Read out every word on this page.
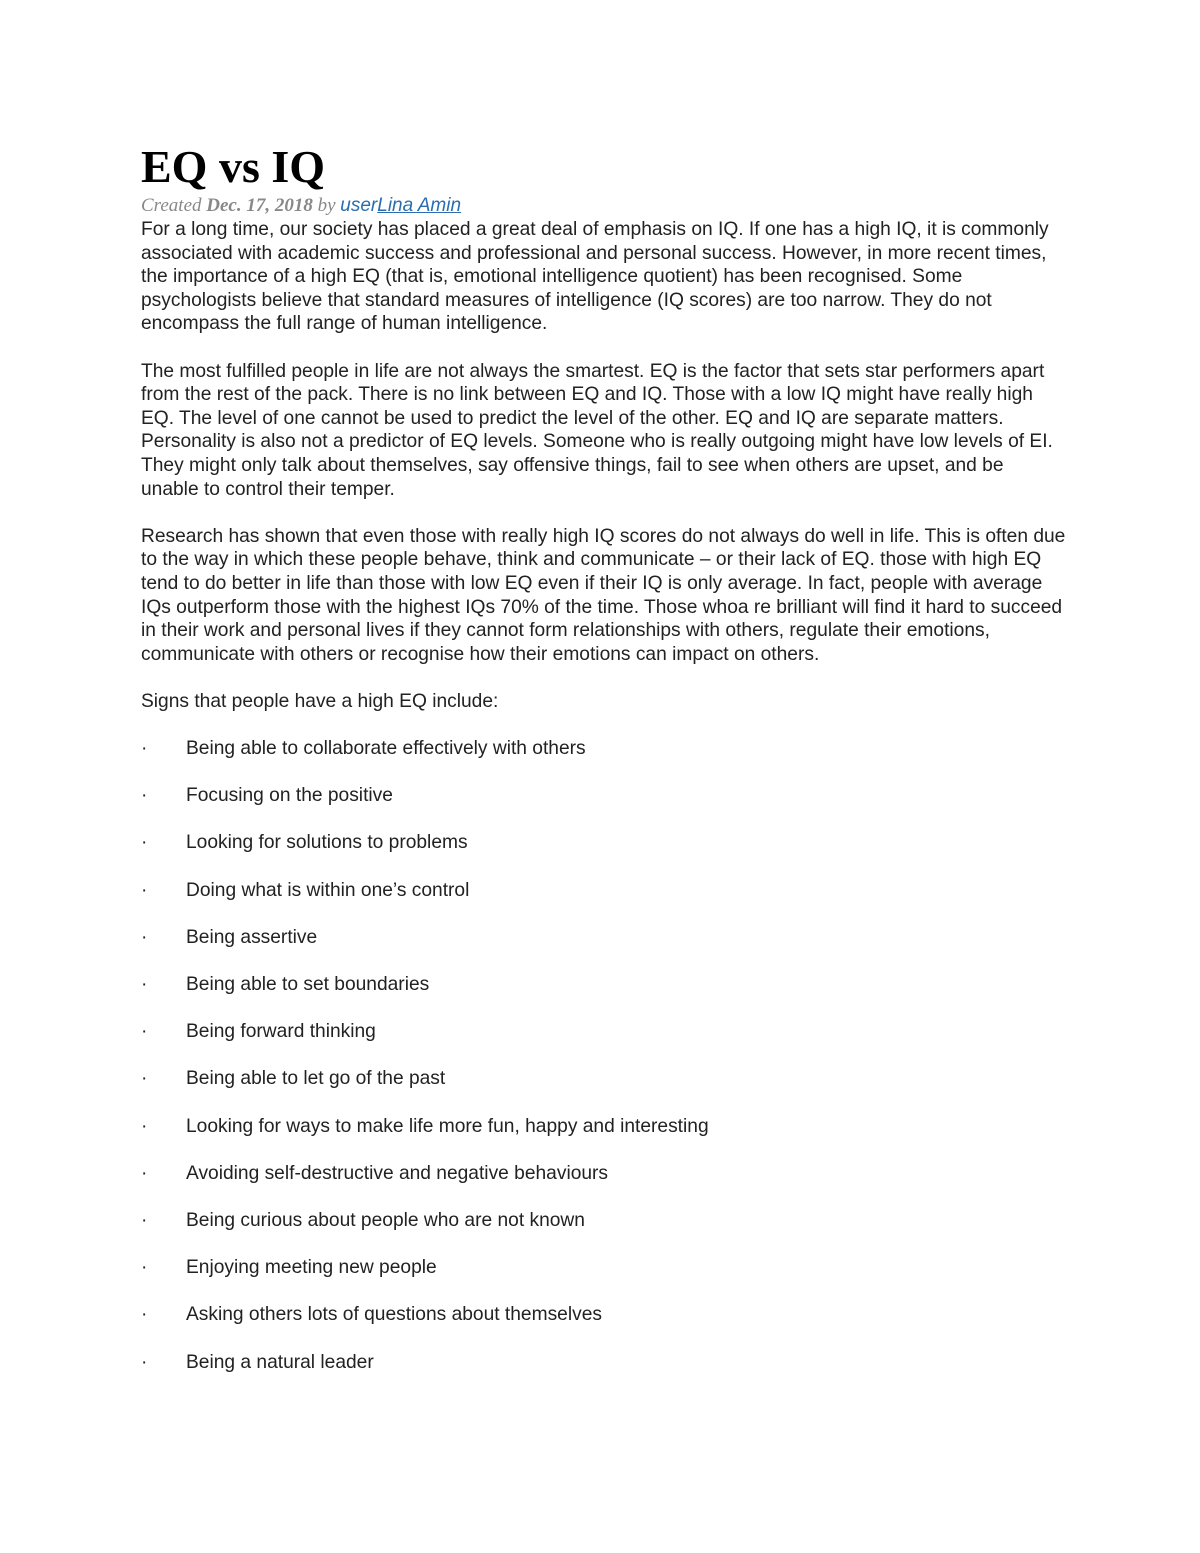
EQ vs IQ
Created Dec. 17, 2018 by userLina Amin

For a long time, our society has placed a great deal of emphasis on IQ. If one has a high IQ, it is commonly associated with academic success and professional and personal success. However, in more recent times, the importance of a high EQ (that is, emotional intelligence quotient) has been recognised. Some psychologists believe that standard measures of intelligence (IQ scores) are too narrow. They do not encompass the full range of human intelligence.

The most fulfilled people in life are not always the smartest. EQ is the factor that sets star performers apart from the rest of the pack. There is no link between EQ and IQ. Those with a low IQ might have really high EQ. The level of one cannot be used to predict the level of the other. EQ and IQ are separate matters. Personality is also not a predictor of EQ levels. Someone who is really outgoing might have low levels of EI. They might only talk about themselves, say offensive things, fail to see when others are upset, and be unable to control their temper.

Research has shown that even those with really high IQ scores do not always do well in life. This is often due to the way in which these people behave, think and communicate – or their lack of EQ. those with high EQ tend to do better in life than those with low EQ even if their IQ is only average. In fact, people with average IQs outperform those with the highest IQs 70% of the time. Those whoa re brilliant will find it hard to succeed in their work and personal lives if they cannot form relationships with others, regulate their emotions, communicate with others or recognise how their emotions can impact on others.

Signs that people have a high EQ include:

·	Being able to collaborate effectively with others
·	Focusing on the positive
·	Looking for solutions to problems
·	Doing what is within one’s control
·	Being assertive
·	Being able to set boundaries
·	Being forward thinking
·	Being able to let go of the past
·	Looking for ways to make life more fun, happy and interesting
·	Avoiding self-destructive and negative behaviours
·	Being curious about people who are not known
·	Enjoying meeting new people
·	Asking others lots of questions about themselves
·	Being a natural leader
